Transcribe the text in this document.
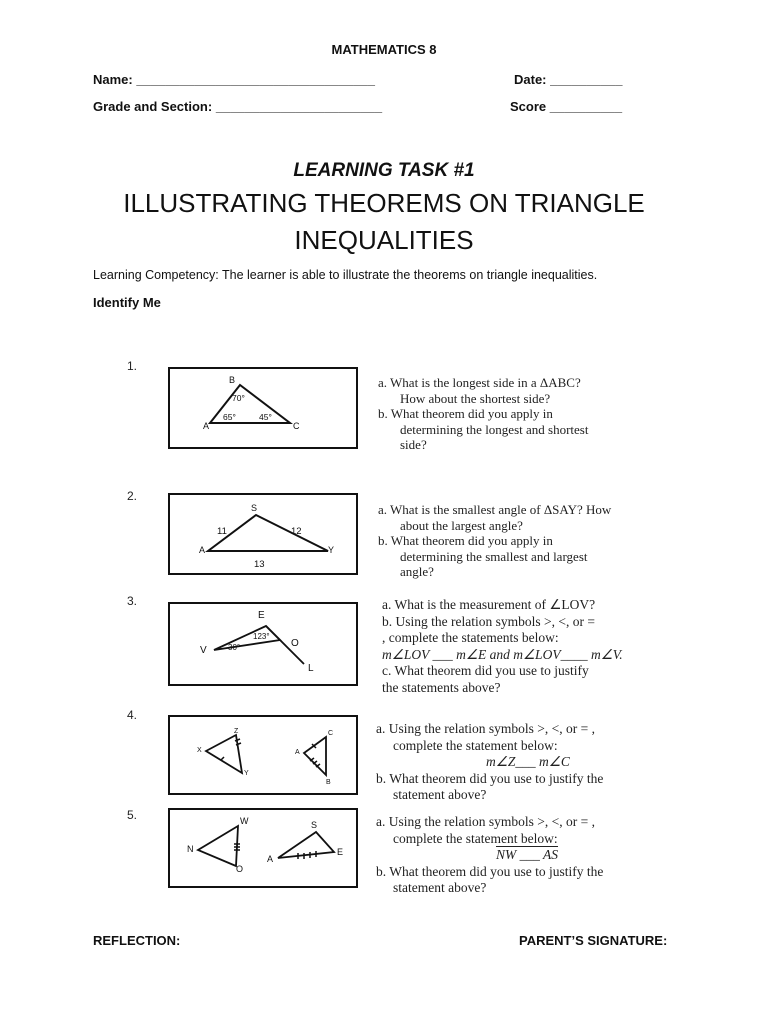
MATHEMATICS 8
Name: _________________________________	Date: __________
Grade and Section: _______________________	Score __________
LEARNING TASK #1
ILLUSTRATING THEOREMS ON TRIANGLE
INEQUALITIES
Learning Competency: The learner is able to illustrate the theorems on triangle inequalities.
Identify Me
1.
B
A	C
70°
65°	45°

a. What is the longest side in a ΔABC?

How about the shortest side?

b. What theorem did you apply in

determining the longest and shortest

side?

2.
S
A	Y
11	12
13

a. What is the smallest angle of ΔSAY? How

about the largest angle?

b. What theorem did you apply in

determining the smallest and largest

angle?

3.
E
V
O
L
123°
30°

a. What is the measurement of ∠LOV?

b. Using the relation symbols >, <, or =

, complete the statements below:

m∠LOV ___ m∠E and m∠LOV____ m∠V.

c. What theorem did you use to justify

the statements above?

4.
Z
X
Y
C
A
B

a. Using the relation symbols >, <, or = ,

complete the statement below:

m∠Z___ m∠C

b. What theorem did you use to justify the

statement above?

5.	W
N
O
S
A
E

a. Using the relation symbols >, <, or = ,

complete the statement below:

NW ___ AS

b. What theorem did you use to justify the

statement above?

REFLECTION:	PARENT’S SIGNATURE:
